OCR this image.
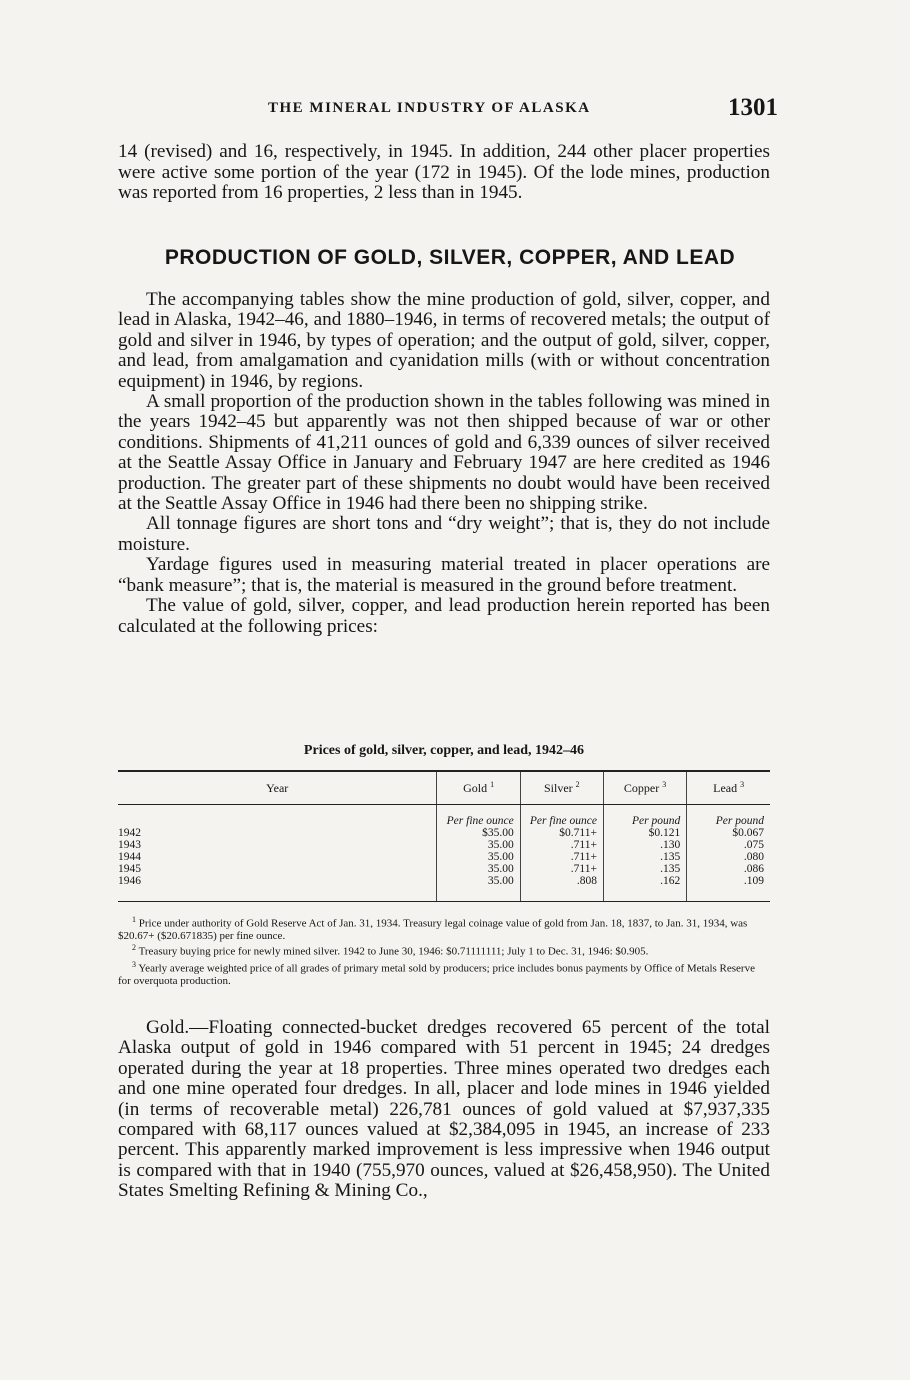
THE MINERAL INDUSTRY OF ALASKA	1301

14 (revised) and 16, respectively, in 1945. In addition, 244 other placer properties were active some portion of the year (172 in 1945). Of the lode mines, production was reported from 16 properties, 2 less than in 1945.

PRODUCTION OF GOLD, SILVER, COPPER, AND LEAD

The accompanying tables show the mine production of gold, silver, copper, and lead in Alaska, 1942–46, and 1880–1946, in terms of recovered metals; the output of gold and silver in 1946, by types of operation; and the output of gold, silver, copper, and lead, from amalgamation and cyanidation mills (with or without concentration equipment) in 1946, by regions.

A small proportion of the production shown in the tables following was mined in the years 1942–45 but apparently was not then shipped because of war or other conditions. Shipments of 41,211 ounces of gold and 6,339 ounces of silver received at the Seattle Assay Office in January and February 1947 are here credited as 1946 production. The greater part of these shipments no doubt would have been received at the Seattle Assay Office in 1946 had there been no shipping strike.

All tonnage figures are short tons and “dry weight”; that is, they do not include moisture.

Yardage figures used in measuring material treated in placer operations are “bank measure”; that is, the material is measured in the ground before treatment.

The value of gold, silver, copper, and lead production herein reported has been calculated at the following prices:

Prices of gold, silver, copper, and lead, 1942–46
Year	Gold $^1$	Silver $^2$	Copper $^3$	Lead $^3$
	Per fine ounce	Per fine ounce	Per pound	Per pound
1942	$35.00	$0.711+	$0.121	$0.067
1943	35.00	.711+	.130	.075
1944	35.00	.711+	.135	.080
1945	35.00	.711+	.135	.086
1946	35.00	.808	.162	.109

$^1$ Price under authority of Gold Reserve Act of Jan. 31, 1934. Treasury legal coinage value of gold from Jan. 18, 1837, to Jan. 31, 1934, was $20.67+ ($20.671835) per fine ounce.

$^2$ Treasury buying price for newly mined silver. 1942 to June 30, 1946: $0.71111111; July 1 to Dec. 31, 1946: $0.905.

$^3$ Yearly average weighted price of all grades of primary metal sold by producers; price includes bonus payments by Office of Metals Reserve for overquota production.

Gold.—Floating connected-bucket dredges recovered 65 percent of the total Alaska output of gold in 1946 compared with 51 percent in 1945; 24 dredges operated during the year at 18 properties. Three mines operated two dredges each and one mine operated four dredges. In all, placer and lode mines in 1946 yielded (in terms of recoverable metal) 226,781 ounces of gold valued at $7,937,335 compared with 68,117 ounces valued at $2,384,095 in 1945, an increase of 233 percent. This apparently marked improvement is less impressive when 1946 output is compared with that in 1940 (755,970 ounces, valued at $26,458,950). The United States Smelting Refining & Mining Co.,
